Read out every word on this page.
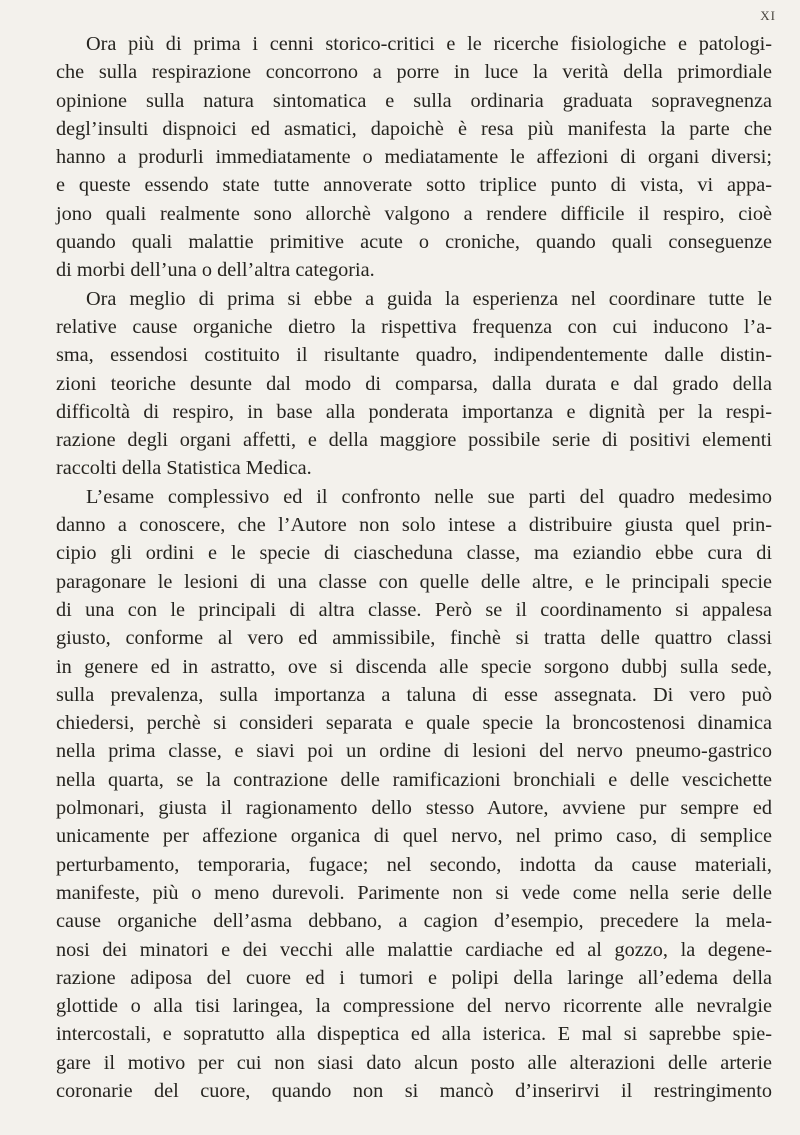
XI
Ora più di prima i cenni storico-critici e le ricerche fisiologiche e patologi-
che sulla respirazione concorrono a porre in luce la verità della primordiale
opinione sulla natura sintomatica e sulla ordinaria graduata sopravegnenza
degl’insulti dispnoici ed asmatici, dapoichè è resa più manifesta la parte che
hanno a produrli immediatamente o mediatamente le affezioni di organi diversi;
e queste essendo state tutte annoverate sotto triplice punto di vista, vi appa-
jono quali realmente sono allorchè valgono a rendere difficile il respiro, cioè
quando quali malattie primitive acute o croniche, quando quali conseguenze
di morbi dell’una o dell’altra categoria.
Ora meglio di prima si ebbe a guida la esperienza nel coordinare tutte le
relative cause organiche dietro la rispettiva frequenza con cui inducono l’a-
sma, essendosi costituito il risultante quadro, indipendentemente dalle distin-
zioni teoriche desunte dal modo di comparsa, dalla durata e dal grado della
difficoltà di respiro, in base alla ponderata importanza e dignità per la respi-
razione degli organi affetti, e della maggiore possibile serie di positivi elementi
raccolti della Statistica Medica.
L’esame complessivo ed il confronto nelle sue parti del quadro medesimo
danno a conoscere, che l’Autore non solo intese a distribuire giusta quel prin-
cipio gli ordini e le specie di ciascheduna classe, ma eziandio ebbe cura di
paragonare le lesioni di una classe con quelle delle altre, e le principali specie
di una con le principali di altra classe. Però se il coordinamento si appalesa
giusto, conforme al vero ed ammissibile, finchè si tratta delle quattro classi
in genere ed in astratto, ove si discenda alle specie sorgono dubbj sulla sede,
sulla prevalenza, sulla importanza a taluna di esse assegnata. Di vero può
chiedersi, perchè si consideri separata e quale specie la broncostenosi dinamica
nella prima classe, e siavi poi un ordine di lesioni del nervo pneumo-gastrico
nella quarta, se la contrazione delle ramificazioni bronchiali e delle vescichette
polmonari, giusta il ragionamento dello stesso Autore, avviene pur sempre ed
unicamente per affezione organica di quel nervo, nel primo caso, di semplice
perturbamento, temporaria, fugace; nel secondo, indotta da cause materiali,
manifeste, più o meno durevoli. Parimente non si vede come nella serie delle
cause organiche dell’asma debbano, a cagion d’esempio, precedere la mela-
nosi dei minatori e dei vecchi alle malattie cardiache ed al gozzo, la degene-
razione adiposa del cuore ed i tumori e polipi della laringe all’edema della
glottide o alla tisi laringea, la compressione del nervo ricorrente alle nevralgie
intercostali, e sopratutto alla dispeptica ed alla isterica. E mal si saprebbe spie-
gare il motivo per cui non siasi dato alcun posto alle alterazioni delle arterie
coronarie del cuore, quando non si mancò d’inserirvi il restringimento
